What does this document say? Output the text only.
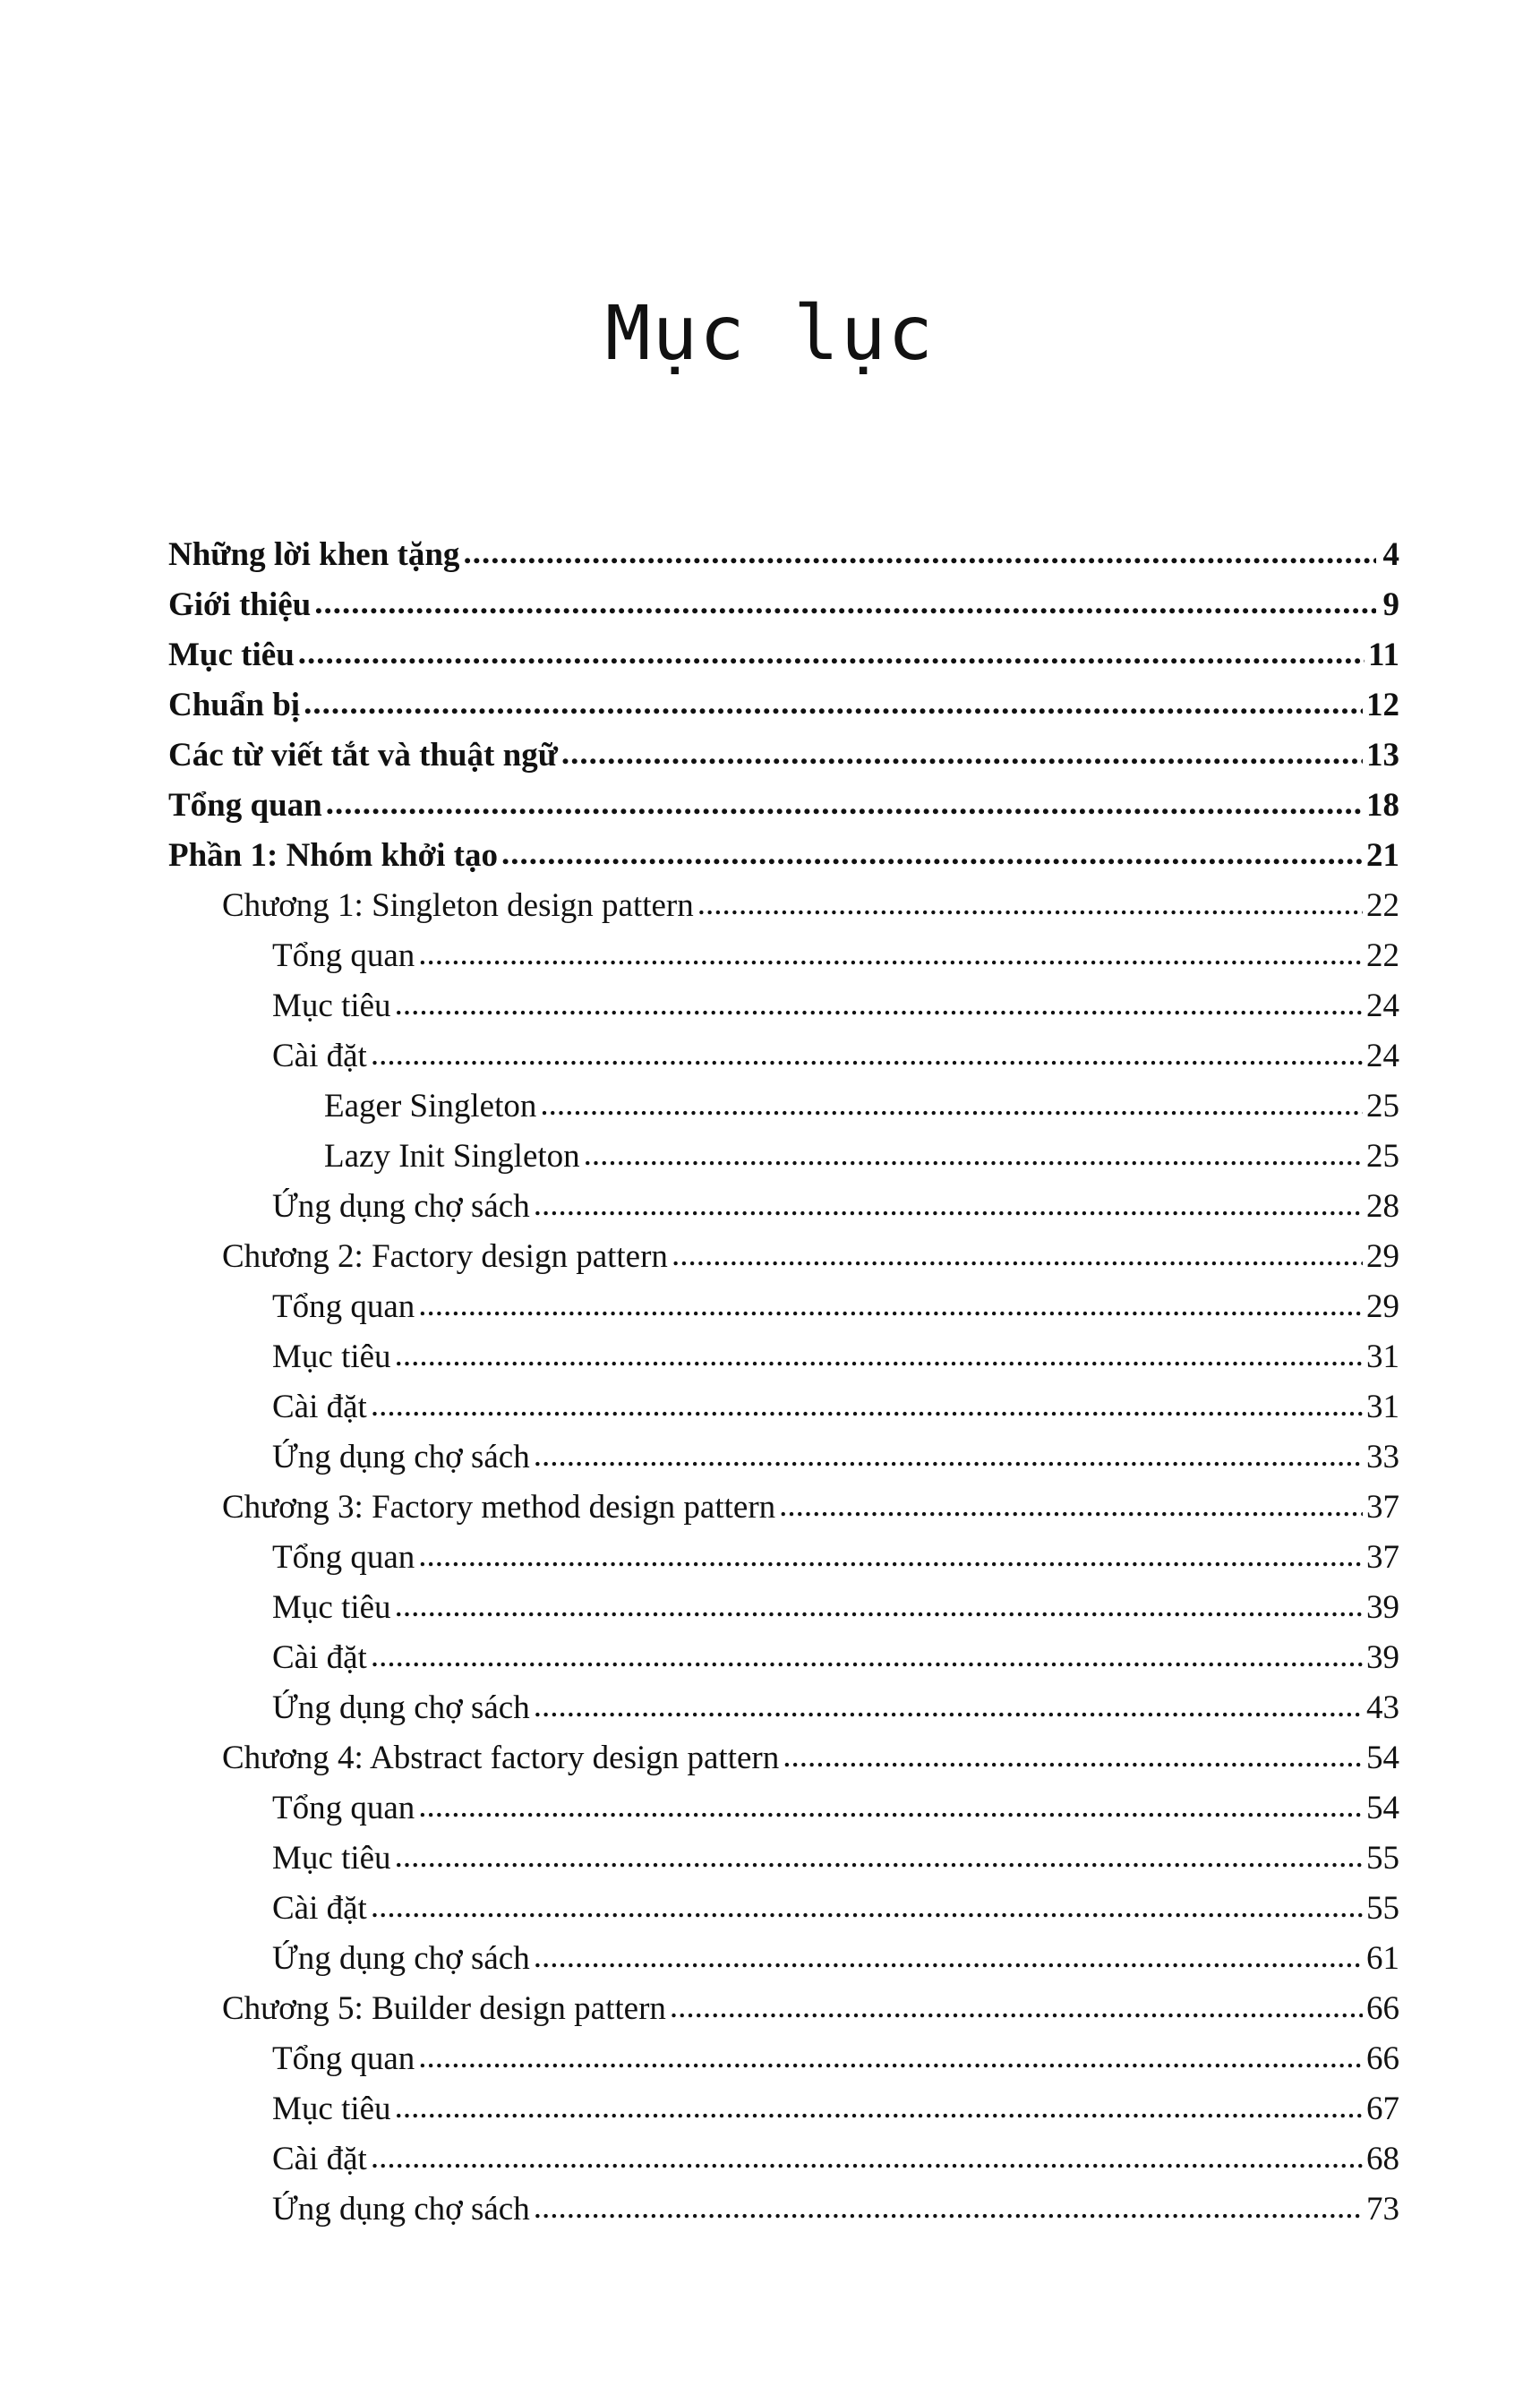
Mục lục
Những lời khen tặng .....	4
Giới thiệu .....	9
Mục tiêu .....	11
Chuẩn bị .....	12
Các từ viết tắt và thuật ngữ .....	13
Tổng quan .....	18
Phần 1: Nhóm khởi tạo .....	21
Chương 1: Singleton design pattern .....	22
Tổng quan .....	22
Mục tiêu .....	24
Cài đặt .....	24
Eager Singleton .....	25
Lazy Init Singleton .....	25
Ứng dụng chợ sách .....	28
Chương 2: Factory design pattern .....	29
Tổng quan .....	29
Mục tiêu .....	31
Cài đặt .....	31
Ứng dụng chợ sách .....	33
Chương 3: Factory method design pattern .....	37
Tổng quan .....	37
Mục tiêu .....	39
Cài đặt .....	39
Ứng dụng chợ sách .....	43
Chương 4: Abstract factory design pattern .....	54
Tổng quan .....	54
Mục tiêu .....	55
Cài đặt .....	55
Ứng dụng chợ sách .....	61
Chương 5: Builder design pattern .....	66
Tổng quan .....	66
Mục tiêu .....	67
Cài đặt .....	68
Ứng dụng chợ sách .....	73
